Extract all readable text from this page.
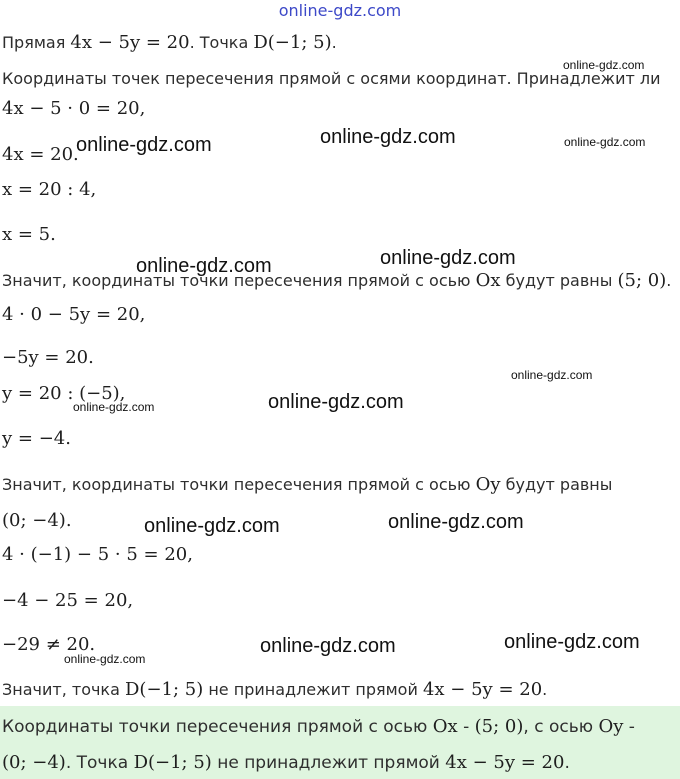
online-gdz.com
Прямая 4x − 5y = 20. Точка D(−1; 5).
Координаты точек пересечения прямой с осями координат. Принадлежит ли
4x − 5 · 0 = 20,
4x = 20.
x = 20 : 4,
x = 5.
Значит, координаты точки пересечения прямой с осью Ox будут равны (5; 0).
4 · 0 − 5y = 20,
−5y = 20.
y = 20 : (−5),
y = −4.
Значит, координаты точки пересечения прямой с осью Oy будут равны
(0; −4).
4 · (−1) − 5 · 5 = 20,
−4 − 25 = 20,
−29 ≠ 20.
Значит, точка D(−1; 5) не принадлежит прямой 4x − 5y = 20.
Координаты точки пересечения прямой с осью Ox - (5; 0), с осью Oy -
(0; −4). Точка D(−1; 5) не принадлежит прямой 4x − 5y = 20.
online-gdz.com
online-gdz.com	online-gdz.com	online-gdz.com
online-gdz.com
online-gdz.com
online-gdz.com
online-gdz.com	online-gdz.com
online-gdz.com	online-gdz.com
online-gdz.com	online-gdz.com
online-gdz.com
